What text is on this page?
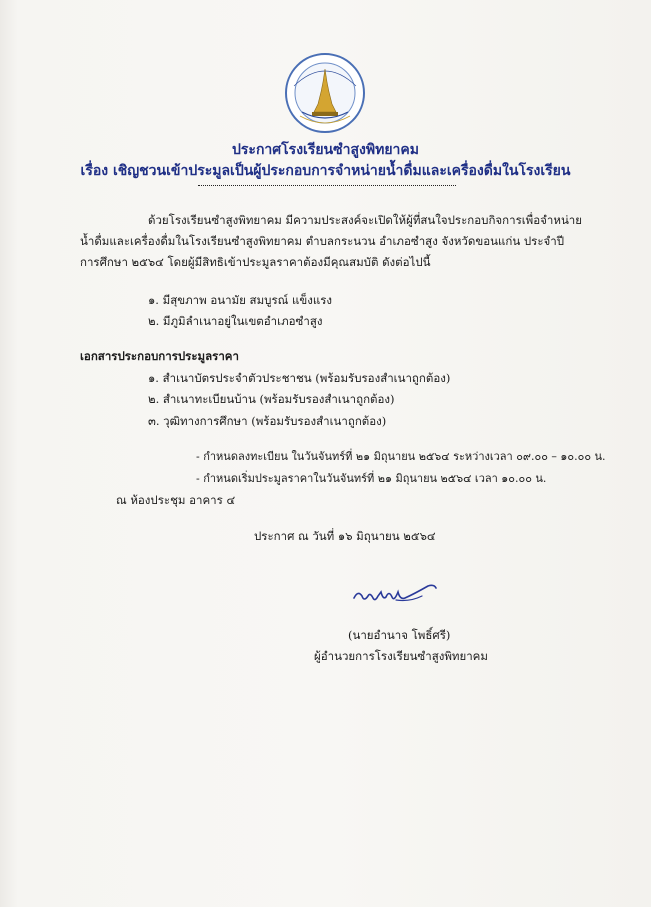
ประกาศโรงเรียนซำสูงพิทยาคม
เรื่อง เชิญชวนเข้าประมูลเป็นผู้ประกอบการจำหน่ายน้ำดื่มและเครื่องดื่มในโรงเรียน
ด้วยโรงเรียนซำสูงพิทยาคม มีความประสงค์จะเปิดให้ผู้ที่สนใจประกอบกิจการเพื่อจำหน่าย
น้ำดื่มและเครื่องดื่มในโรงเรียนซำสูงพิทยาคม ตำบลกระนวน อำเภอซำสูง จังหวัดขอนแก่น ประจำปี
การศึกษา ๒๕๖๔ โดยผู้มีสิทธิเข้าประมูลราคาต้องมีคุณสมบัติ ดังต่อไปนี้
๑. มีสุขภาพ อนามัย สมบูรณ์ แข็งแรง
๒. มีภูมิลำเนาอยู่ในเขตอำเภอซำสูง
เอกสารประกอบการประมูลราคา
๑. สำเนาบัตรประจำตัวประชาชน (พร้อมรับรองสำเนาถูกต้อง)
๒. สำเนาทะเบียนบ้าน (พร้อมรับรองสำเนาถูกต้อง)
๓. วุฒิทางการศึกษา (พร้อมรับรองสำเนาถูกต้อง)
- กำหนดลงทะเบียน ในวันจันทร์ที่ ๒๑ มิถุนายน ๒๕๖๔ ระหว่างเวลา ๐๙.๐๐ – ๑๐.๐๐ น.
- กำหนดเริ่มประมูลราคาในวันจันทร์ที่ ๒๑ มิถุนายน ๒๕๖๔ เวลา ๑๐.๐๐ น.
ณ ห้องประชุม อาคาร ๔
ประกาศ ณ วันที่ ๑๖ มิถุนายน ๒๕๖๔
(นายอำนาจ โพธิ์ศรี)
ผู้อำนวยการโรงเรียนซำสูงพิทยาคม
